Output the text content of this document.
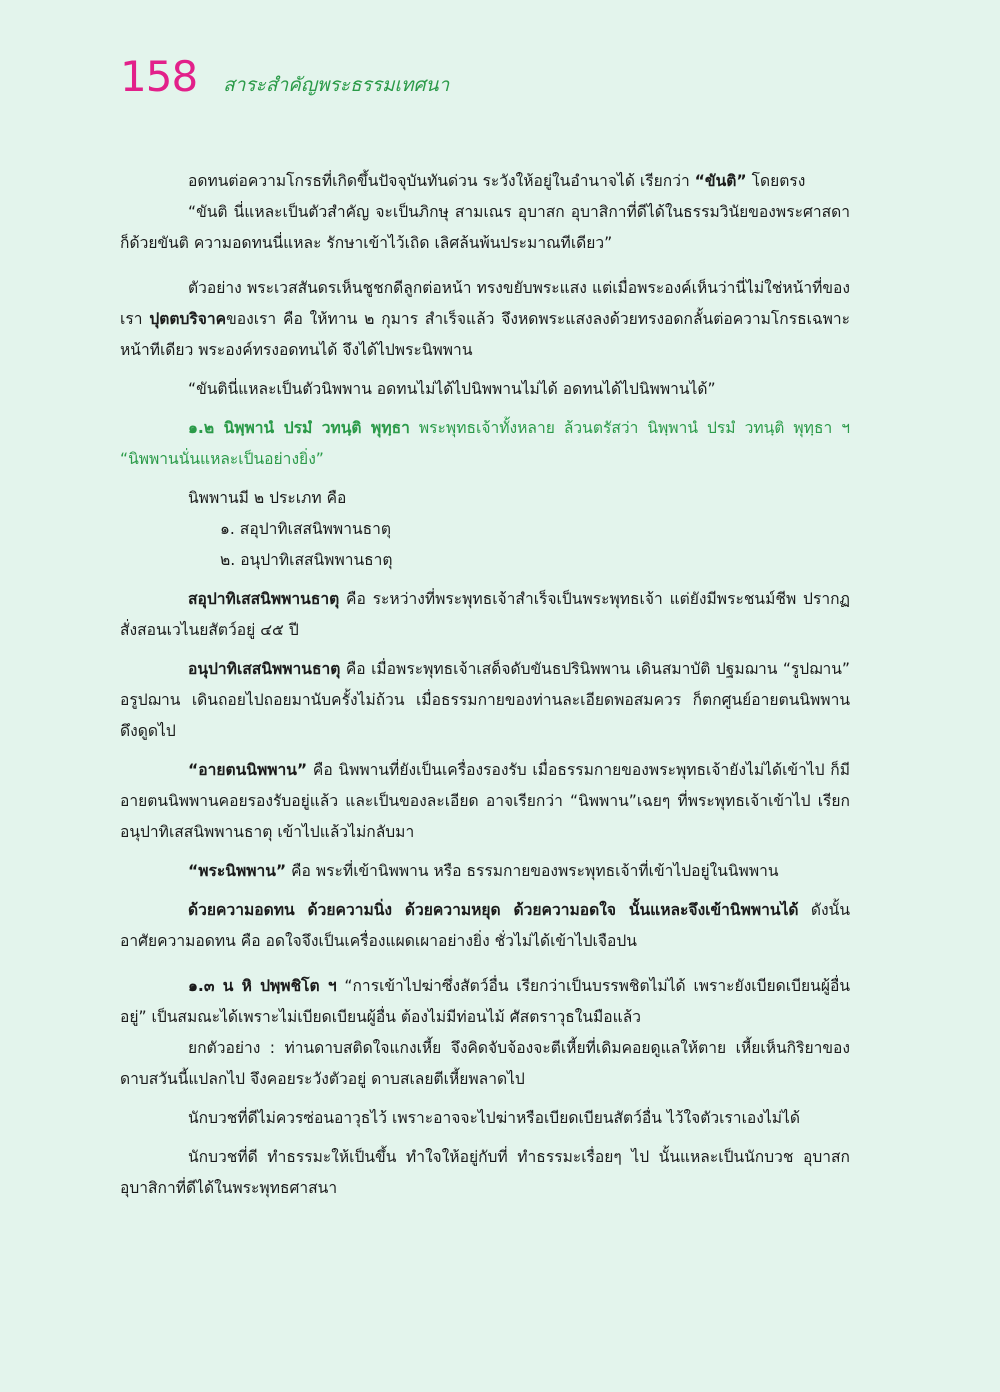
158 สาระสำคัญพระธรรมเทศนา

อดทนต่อความโกรธที่เกิดขึ้นปัจจุบันทันด่วน ระวังให้อยู่ในอำนาจได้ เรียกว่า “ขันติ” โดยตรง

“ขันติ นี่แหละเป็นตัวสำคัญ จะเป็นภิกษุ สามเณร อุบาสก อุบาสิกาที่ดีได้ในธรรมวินัยของพระศาสดา ก็ด้วยขันติ ความอดทนนี่แหละ รักษาเข้าไว้เถิด เลิศล้นพ้นประมาณทีเดียว”

ตัวอย่าง พระเวสสันดรเห็นชูชกดีลูกต่อหน้า ทรงขยับพระแสง แต่เมื่อพระองค์เห็นว่านี่ไม่ใช่หน้าที่ของเรา ปุตตบริจาคของเรา คือ ให้ทาน ๒ กุมาร สำเร็จแล้ว จึงหดพระแสงลงด้วยทรงอดกลั้นต่อความโกรธเฉพาะหน้าทีเดียว พระองค์ทรงอดทนได้ จึงได้ไปพระนิพพาน

“ขันตินี่แหละเป็นตัวนิพพาน อดทนไม่ได้ไปนิพพานไม่ได้ อดทนได้ไปนิพพานได้”

๑.๒ นิพฺพานํ ปรมํ วทนฺติ พุทฺธา พระพุทธเจ้าทั้งหลาย ล้วนตรัสว่า นิพฺพานํ ปรมํ วทนฺติ พุทฺธา ฯ “นิพพานนั่นแหละเป็นอย่างยิ่ง”

นิพพานมี ๒ ประเภท คือ

๑. สอุปาทิเสสนิพพานธาตุ

๒. อนุปาทิเสสนิพพานธาตุ

สอุปาทิเสสนิพพานธาตุ คือ ระหว่างที่พระพุทธเจ้าสำเร็จเป็นพระพุทธเจ้า แต่ยังมีพระชนม์ชีพ ปรากฏสั่งสอนเวไนยสัตว์อยู่ ๔๕ ปี

อนุปาทิเสสนิพพานธาตุ คือ เมื่อพระพุทธเจ้าเสด็จดับขันธปรินิพพาน เดินสมาบัติ ปฐมฌาน “รูปฌาน” อรูปฌาน เดินถอยไปถอยมานับครั้งไม่ถ้วน เมื่อธรรมกายของท่านละเอียดพอสมควร ก็ตกศูนย์อายตนนิพพานดึงดูดไป

“อายตนนิพพาน” คือ นิพพานที่ยังเป็นเครื่องรองรับ เมื่อธรรมกายของพระพุทธเจ้ายังไม่ได้เข้าไป ก็มีอายตนนิพพานคอยรองรับอยู่แล้ว และเป็นของละเอียด อาจเรียกว่า “นิพพาน”เฉยๆ ที่พระพุทธเจ้าเข้าไป เรียกอนุปาทิเสสนิพพานธาตุ เข้าไปแล้วไม่กลับมา

“พระนิพพาน” คือ พระที่เข้านิพพาน หรือ ธรรมกายของพระพุทธเจ้าที่เข้าไปอยู่ในนิพพาน

ด้วยความอดทน ด้วยความนิ่ง ด้วยความหยุด ด้วยความอดใจ นั้นแหละจึงเข้านิพพานได้ ดังนั้นอาศัยความอดทน คือ อดใจจึงเป็นเครื่องแผดเผาอย่างยิ่ง ชั่วไม่ได้เข้าไปเจือปน

๑.๓ น หิ ปพฺพชิโต ฯ “การเข้าไปฆ่าซึ่งสัตว์อื่น เรียกว่าเป็นบรรพชิตไม่ได้ เพราะยังเบียดเบียนผู้อื่นอยู่” เป็นสมณะได้เพราะไม่เบียดเบียนผู้อื่น ต้องไม่มีท่อนไม้ ศัสตราวุธในมือแล้ว

ยกตัวอย่าง : ท่านดาบสติดใจแกงเหี้ย จึงคิดจับจ้องจะตีเหี้ยที่เดิมคอยดูแลให้ตาย เหี้ยเห็นกิริยาของดาบสวันนี้แปลกไป จึงคอยระวังตัวอยู่ ดาบสเลยตีเหี้ยพลาดไป

นักบวชที่ดีไม่ควรซ่อนอาวุธไว้ เพราะอาจจะไปฆ่าหรือเบียดเบียนสัตว์อื่น ไว้ใจตัวเราเองไม่ได้

นักบวชที่ดี ทำธรรมะให้เป็นขึ้น ทำใจให้อยู่กับที่ ทำธรรมะเรื่อยๆ ไป นั้นแหละเป็นนักบวช อุบาสก อุบาสิกาที่ดีได้ในพระพุทธศาสนา
